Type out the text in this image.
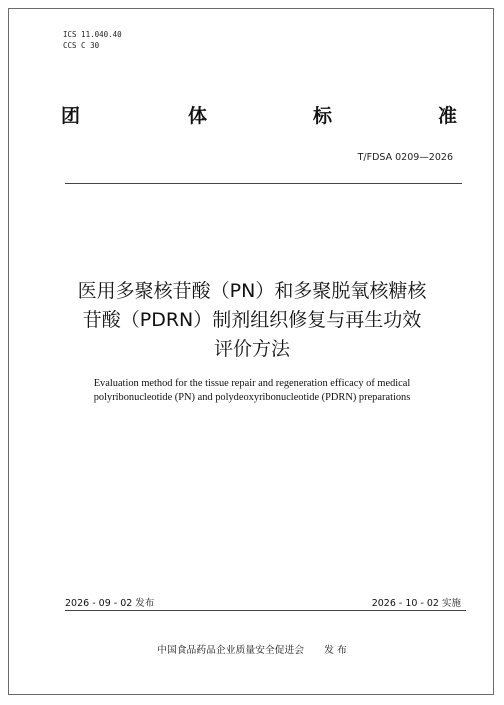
ICS 11.040.40
CCS C 30
团	体	标	准
T/FDSA 0209—2026
医用多聚核苷酸（PN）和多聚脱氧核糖核
苷酸（PDRN）制剂组织修复与再生功效
评价方法
Evaluation method for the tissue repair and regeneration efficacy of medical
polyribonucleotide (PN) and polydeoxyribonucleotide (PDRN) preparations
2026 - 09 - 02 发布	2026 - 10 - 02 实施
中国食品药品企业质量安全促进会 发 布
